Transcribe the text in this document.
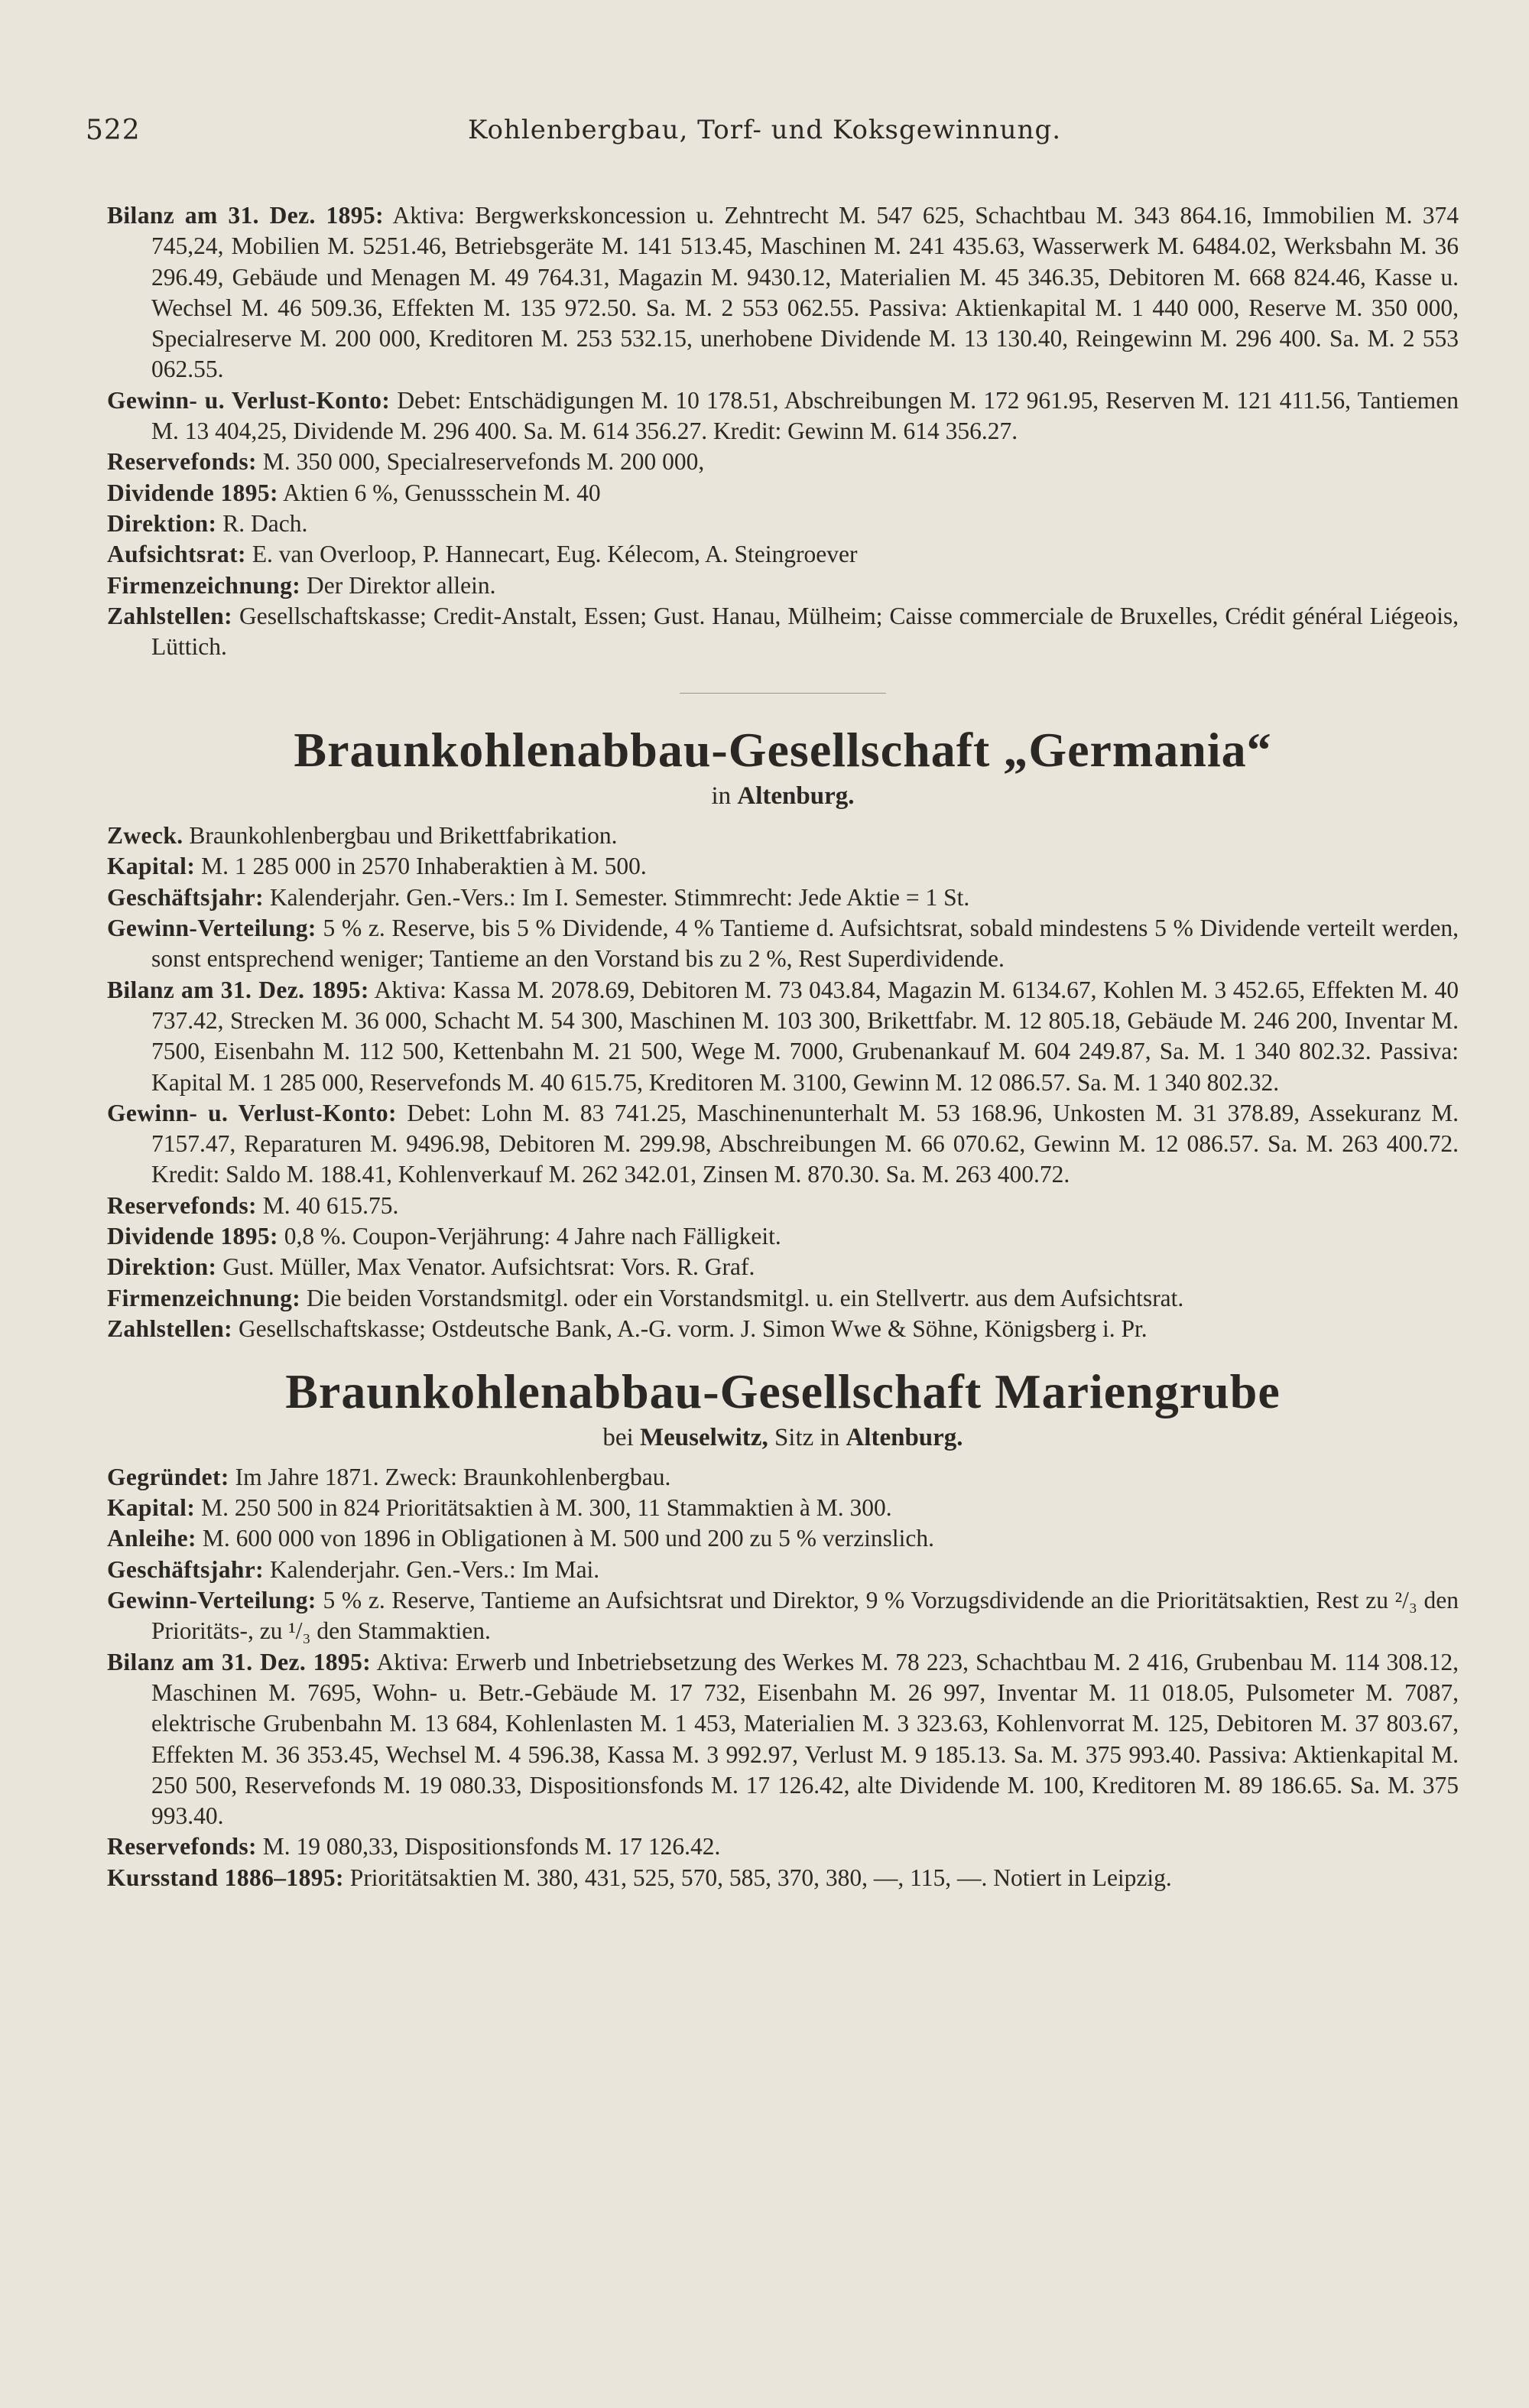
522	Kohlenbergbau, Torf- und Koksgewinnung.

Bilanz am 31. Dez. 1895: Aktiva: Bergwerkskoncession u. Zehntrecht M. 547 625, Schachtbau M. 343 864.16, Immobilien M. 374 745,24, Mobilien M. 5251.46, Betriebsgeräte M. 141 513.45, Maschinen M. 241 435.63, Wasserwerk M. 6484.02, Werksbahn M. 36 296.49, Gebäude und Menagen M. 49 764.31, Magazin M. 9430.12, Materialien M. 45 346.35, Debitoren M. 668 824.46, Kasse u. Wechsel M. 46 509.36, Effekten M. 135 972.50. Sa. M. 2 553 062.55. Passiva: Aktienkapital M. 1 440 000, Reserve M. 350 000, Specialreserve M. 200 000, Kreditoren M. 253 532.15, unerhobene Dividende M. 13 130.40, Reingewinn M. 296 400. Sa. M. 2 553 062.55.

Gewinn- u. Verlust-Konto: Debet: Entschädigungen M. 10 178.51, Abschreibungen M. 172 961.95, Reserven M. 121 411.56, Tantiemen M. 13 404,25, Dividende M. 296 400. Sa. M. 614 356.27. Kredit: Gewinn M. 614 356.27.

Reservefonds: M. 350 000, Specialreservefonds M. 200 000,

Dividende 1895: Aktien 6 %, Genussschein M. 40

Direktion: R. Dach.

Aufsichtsrat: E. van Overloop, P. Hannecart, Eug. Kélecom, A. Steingroever

Firmenzeichnung: Der Direktor allein.

Zahlstellen: Gesellschaftskasse; Credit-Anstalt, Essen; Gust. Hanau, Mülheim; Caisse commerciale de Bruxelles, Crédit général Liégeois, Lüttich.

Braunkohlenabbau-Gesellschaft „Germania“

in Altenburg.

Zweck. Braunkohlenbergbau und Brikettfabrikation.

Kapital: M. 1 285 000 in 2570 Inhaberaktien à M. 500.

Geschäftsjahr: Kalenderjahr. Gen.-Vers.: Im I. Semester. Stimmrecht: Jede Aktie = 1 St.

Gewinn-Verteilung: 5 % z. Reserve, bis 5 % Dividende, 4 % Tantieme d. Aufsichtsrat, sobald mindestens 5 % Dividende verteilt werden, sonst entsprechend weniger; Tantieme an den Vorstand bis zu 2 %, Rest Superdividende.

Bilanz am 31. Dez. 1895: Aktiva: Kassa M. 2078.69, Debitoren M. 73 043.84, Magazin M. 6134.67, Kohlen M. 3 452.65, Effekten M. 40 737.42, Strecken M. 36 000, Schacht M. 54 300, Maschinen M. 103 300, Brikettfabr. M. 12 805.18, Gebäude M. 246 200, Inventar M. 7500, Eisenbahn M. 112 500, Kettenbahn M. 21 500, Wege M. 7000, Grubenankauf M. 604 249.87, Sa. M. 1 340 802.32. Passiva: Kapital M. 1 285 000, Reservefonds M. 40 615.75, Kreditoren M. 3100, Gewinn M. 12 086.57. Sa. M. 1 340 802.32.

Gewinn- u. Verlust-Konto: Debet: Lohn M. 83 741.25, Maschinenunterhalt M. 53 168.96, Unkosten M. 31 378.89, Assekuranz M. 7157.47, Reparaturen M. 9496.98, Debitoren M. 299.98, Abschreibungen M. 66 070.62, Gewinn M. 12 086.57. Sa. M. 263 400.72. Kredit: Saldo M. 188.41, Kohlenverkauf M. 262 342.01, Zinsen M. 870.30. Sa. M. 263 400.72.

Reservefonds: M. 40 615.75.

Dividende 1895: 0,8 %. Coupon-Verjährung: 4 Jahre nach Fälligkeit.

Direktion: Gust. Müller, Max Venator. Aufsichtsrat: Vors. R. Graf.

Firmenzeichnung: Die beiden Vorstandsmitgl. oder ein Vorstandsmitgl. u. ein Stellvertr. aus dem Aufsichtsrat.

Zahlstellen: Gesellschaftskasse; Ostdeutsche Bank, A.-G. vorm. J. Simon Wwe & Söhne, Königsberg i. Pr.

Braunkohlenabbau-Gesellschaft Mariengrube

bei Meuselwitz, Sitz in Altenburg.

Gegründet: Im Jahre 1871. Zweck: Braunkohlenbergbau.

Kapital: M. 250 500 in 824 Prioritätsaktien à M. 300, 11 Stammaktien à M. 300.

Anleihe: M. 600 000 von 1896 in Obligationen à M. 500 und 200 zu 5 % verzinslich.

Geschäftsjahr: Kalenderjahr. Gen.-Vers.: Im Mai.

Gewinn-Verteilung: 5 % z. Reserve, Tantieme an Aufsichtsrat und Direktor, 9 % Vorzugsdividende an die Prioritätsaktien, Rest zu ²/₃ den Prioritäts-, zu ¹/₃ den Stammaktien.

Bilanz am 31. Dez. 1895: Aktiva: Erwerb und Inbetriebsetzung des Werkes M. 78 223, Schachtbau M. 2 416, Grubenbau M. 114 308.12, Maschinen M. 7695, Wohn- u. Betr.-Gebäude M. 17 732, Eisenbahn M. 26 997, Inventar M. 11 018.05, Pulsometer M. 7087, elektrische Grubenbahn M. 13 684, Kohlenlasten M. 1 453, Materialien M. 3 323.63, Kohlenvorrat M. 125, Debitoren M. 37 803.67, Effekten M. 36 353.45, Wechsel M. 4 596.38, Kassa M. 3 992.97, Verlust M. 9 185.13. Sa. M. 375 993.40. Passiva: Aktienkapital M. 250 500, Reservefonds M. 19 080.33, Dispositionsfonds M. 17 126.42, alte Dividende M. 100, Kreditoren M. 89 186.65. Sa. M. 375 993.40.

Reservefonds: M. 19 080,33, Dispositionsfonds M. 17 126.42.

Kursstand 1886–1895: Prioritätsaktien M. 380, 431, 525, 570, 585, 370, 380, —, 115, —. Notiert in Leipzig.
